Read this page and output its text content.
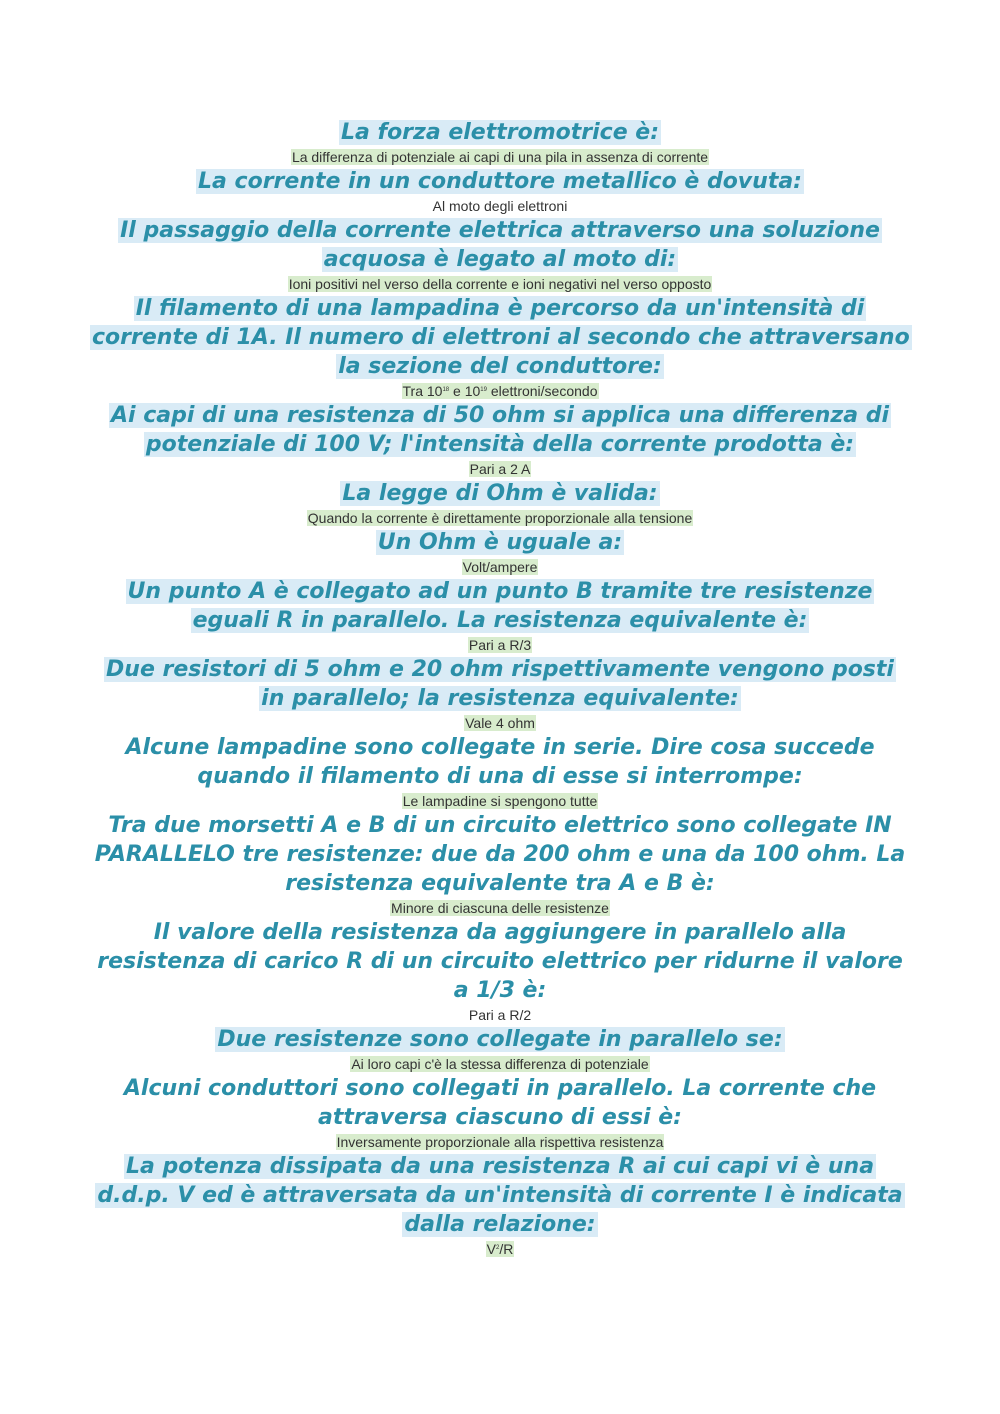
La forza elettromotrice è:

La differenza di potenziale ai capi di una pila in assenza di corrente

La corrente in un conduttore metallico è dovuta:

Al moto degli elettroni

Il passaggio della corrente elettrica attraverso una soluzione acquosa è legato al moto di:

Ioni positivi nel verso della corrente e ioni negativi nel verso opposto

Il filamento di una lampadina è percorso da un'intensità di corrente di 1A. Il numero di elettroni al secondo che attraversano la sezione del conduttore:

Tra $10^{18}$ e $10^{19}$ elettroni/secondo

Ai capi di una resistenza di 50 ohm si applica una differenza di potenziale di 100 V; l'intensità della corrente prodotta è:

Pari a 2 A

La legge di Ohm è valida:

Quando la corrente è direttamente proporzionale alla tensione

Un Ohm è uguale a:

Volt/ampere

Un punto A è collegato ad un punto B tramite tre resistenze eguali R in parallelo. La resistenza equivalente è:

Pari a R/3

Due resistori di 5 ohm e 20 ohm rispettivamente vengono posti in parallelo; la resistenza equivalente:

Vale 4 ohm

Alcune lampadine sono collegate in serie. Dire cosa succede quando il filamento di una di esse si interrompe:

Le lampadine si spengono tutte

Tra due morsetti A e B di un circuito elettrico sono collegate IN PARALLELO tre resistenze: due da 200 ohm e una da 100 ohm. La resistenza equivalente tra A e B è:

Minore di ciascuna delle resistenze

Il valore della resistenza da aggiungere in parallelo alla resistenza di carico R di un circuito elettrico per ridurne il valore a 1/3 è:

Pari a R/2

Due resistenze sono collegate in parallelo se:

Ai loro capi c'è la stessa differenza di potenziale

Alcuni conduttori sono collegati in parallelo. La corrente che attraversa ciascuno di essi è:

Inversamente proporzionale alla rispettiva resistenza

La potenza dissipata da una resistenza R ai cui capi vi è una d.d.p. V ed è attraversata da un'intensità di corrente I è indicata dalla relazione:

$V^2/R$
